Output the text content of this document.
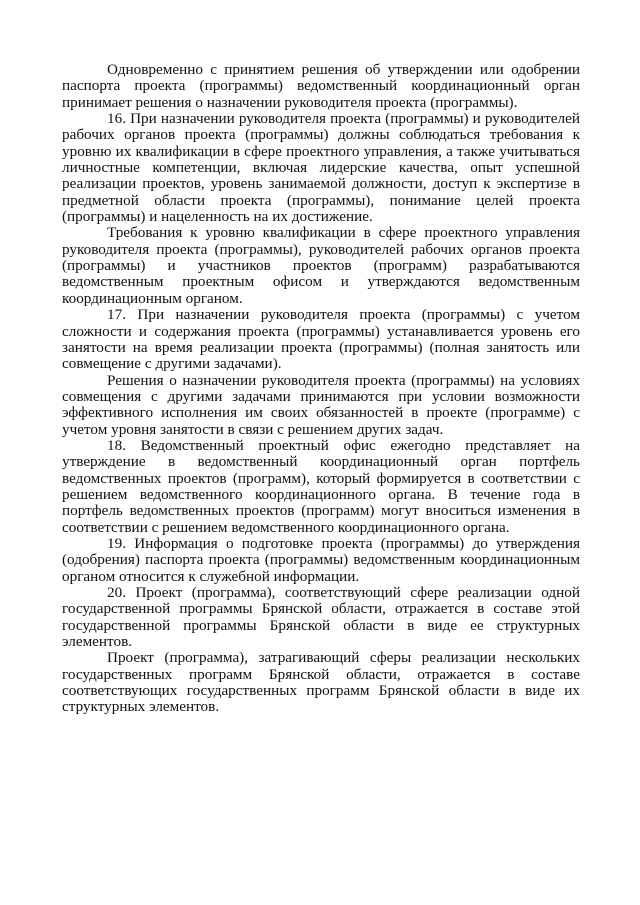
Одновременно с принятием решения об утверждении или одобрении паспорта проекта (программы) ведомственный координационный орган принимает решения о назначении руководителя проекта (программы).

16. При назначении руководителя проекта (программы) и руководителей рабочих органов проекта (программы) должны соблюдаться требования к уровню их квалификации в сфере проектного управления, а также учитываться личностные компетенции, включая лидерские качества, опыт успешной реализации проектов, уровень занимаемой должности, доступ к экспертизе в предметной области проекта (программы), понимание целей проекта (программы) и нацеленность на их достижение.

Требования к уровню квалификации в сфере проектного управления руководителя проекта (программы), руководителей рабочих органов проекта (программы) и участников проектов (программ) разрабатываются ведомственным проектным офисом и утверждаются ведомственным координационным органом.

17. При назначении руководителя проекта (программы) с учетом сложности и содержания проекта (программы) устанавливается уровень его занятости на время реализации проекта (программы) (полная занятость или совмещение с другими задачами).

Решения о назначении руководителя проекта (программы) на условиях совмещения с другими задачами принимаются при условии возможности эффективного исполнения им своих обязанностей в проекте (программе) с учетом уровня занятости в связи с решением других задач.

18. Ведомственный проектный офис ежегодно представляет на утверждение в ведомственный координационный орган портфель ведомственных проектов (программ), который формируется в соответствии с решением ведомственного координационного органа. В течение года в портфель ведомственных проектов (программ) могут вноситься изменения в соответствии с решением ведомственного координационного органа.

19. Информация о подготовке проекта (программы) до утверждения (одобрения) паспорта проекта (программы) ведомственным координационным органом относится к служебной информации.

20. Проект (программа), соответствующий сфере реализации одной государственной программы Брянской области, отражается в составе этой государственной программы Брянской области в виде ее структурных элементов.

Проект (программа), затрагивающий сферы реализации нескольких государственных программ Брянской области, отражается в составе соответствующих государственных программ Брянской области в виде их структурных элементов.
